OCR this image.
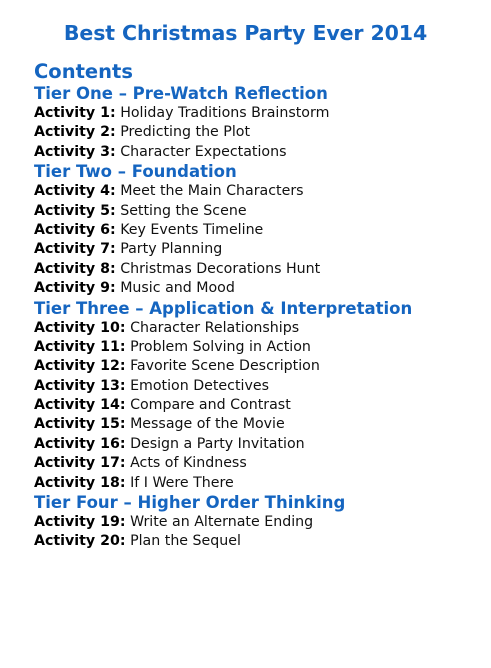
Best Christmas Party Ever 2014
Contents
Tier One – Pre-Watch Reflection
Activity 1: Holiday Traditions Brainstorm
Activity 2: Predicting the Plot
Activity 3: Character Expectations
Tier Two – Foundation
Activity 4: Meet the Main Characters
Activity 5: Setting the Scene
Activity 6: Key Events Timeline
Activity 7: Party Planning
Activity 8: Christmas Decorations Hunt
Activity 9: Music and Mood
Tier Three – Application & Interpretation
Activity 10: Character Relationships
Activity 11: Problem Solving in Action
Activity 12: Favorite Scene Description
Activity 13: Emotion Detectives
Activity 14: Compare and Contrast
Activity 15: Message of the Movie
Activity 16: Design a Party Invitation
Activity 17: Acts of Kindness
Activity 18: If I Were There
Tier Four – Higher Order Thinking
Activity 19: Write an Alternate Ending
Activity 20: Plan the Sequel
